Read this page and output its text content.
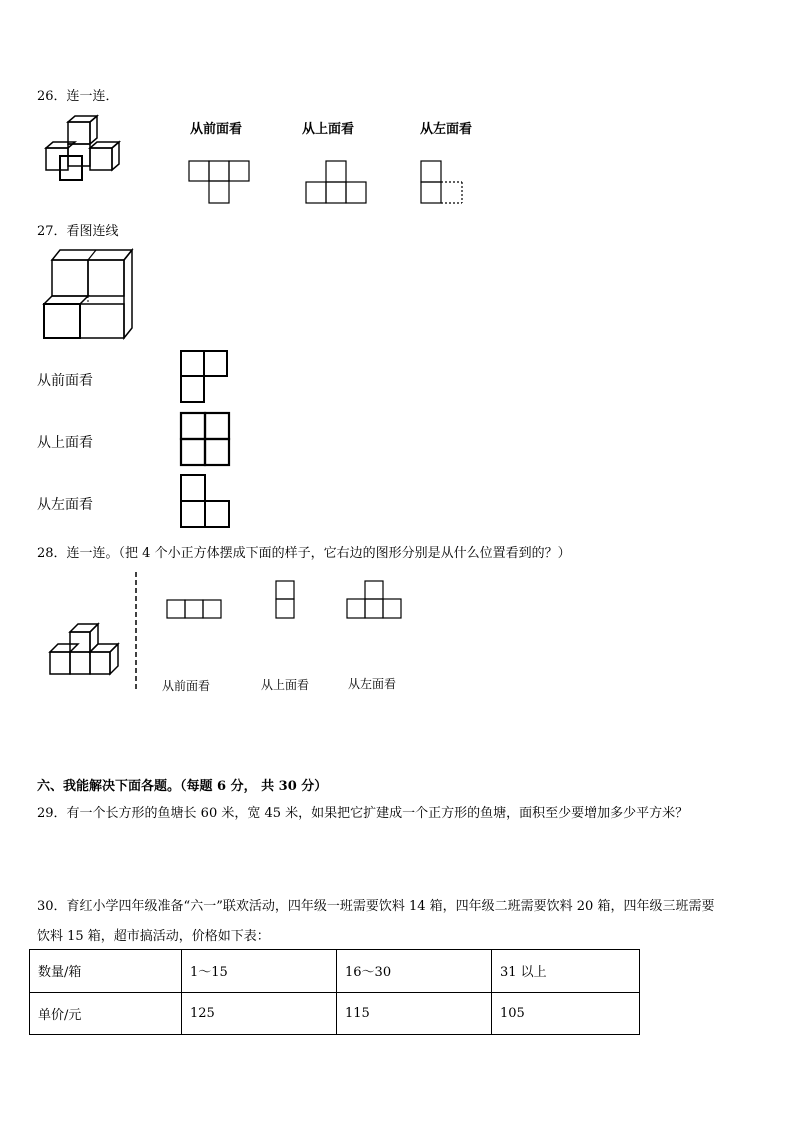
26．连一连．
从前面看	从上面看	从左面看
27．看图连线
从前面看
从上面看
从左面看
28．连一连。（把 4 个小正方体摆成下面的样子，它右边的图形分别是从什么位置看到的？）
从前面看	从上面看	从左面看
六、我能解决下面各题。（每题 6 分， 共 30 分）
29．有一个长方形的鱼塘长 60 米，宽 45 米，如果把它扩建成一个正方形的鱼塘，面积至少要增加多少平方米？
30．育红小学四年级准备“六一”联欢活动，四年级一班需要饮料 14 箱，四年级二班需要饮料 20 箱，四年级三班需要
饮料 15 箱，超市搞活动，价格如下表：
数量/箱	1～15	16～30	31 以上
单价/元	125	115	105
